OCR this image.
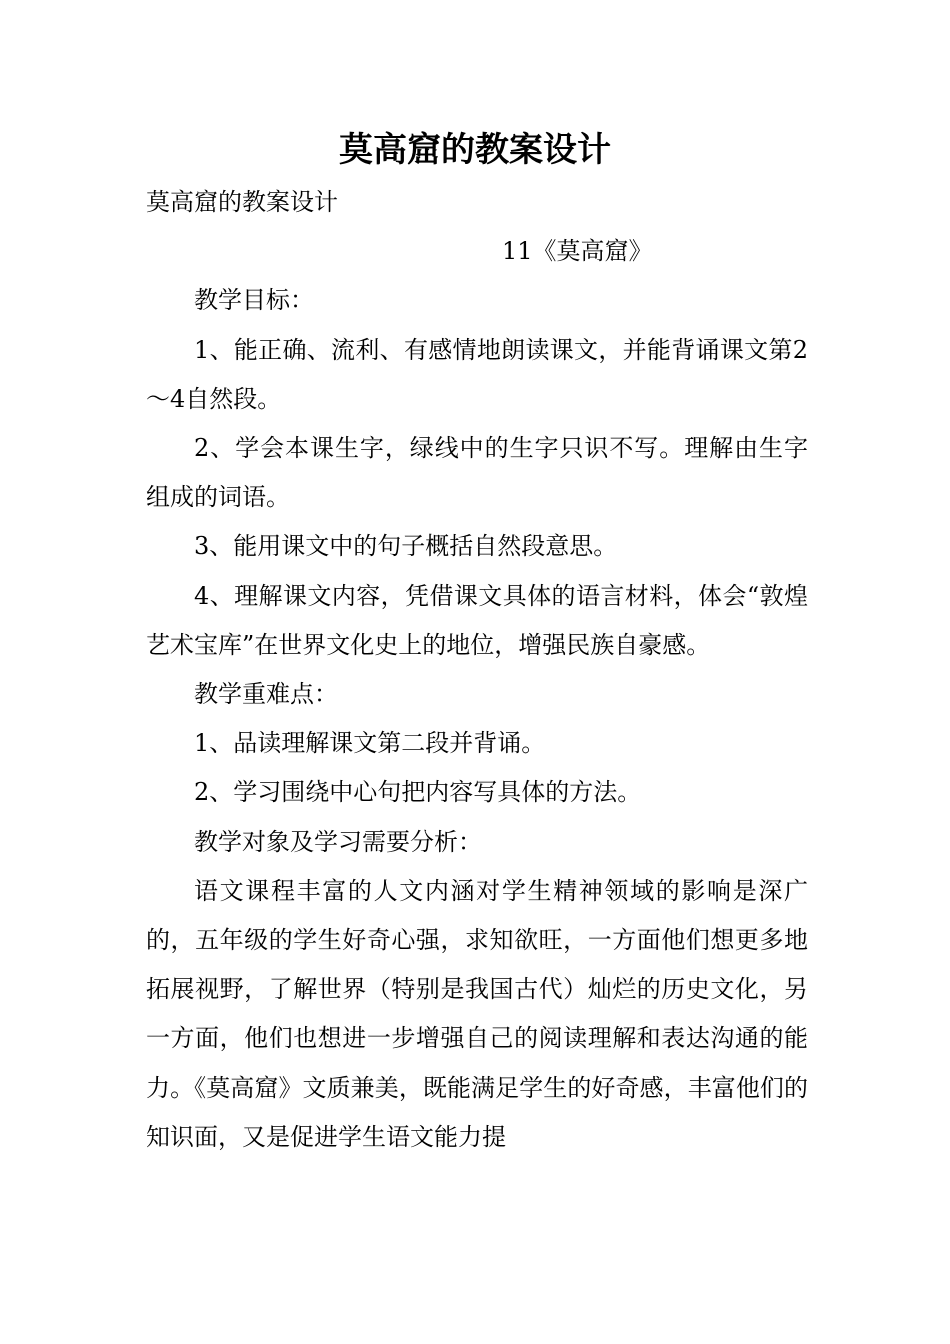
莫高窟的教案设计

莫高窟的教案设计

11《莫高窟》

教学目标：

1、能正确、流利、有感情地朗读课文，并能背诵课文第2～4自然段。

2、学会本课生字，绿线中的生字只识不写。理解由生字组成的词语。

3、能用课文中的句子概括自然段意思。

4、理解课文内容，凭借课文具体的语言材料，体会“敦煌艺术宝库”在世界文化史上的地位，增强民族自豪感。

教学重难点：

1、品读理解课文第二段并背诵。

2、学习围绕中心句把内容写具体的方法。

教学对象及学习需要分析：

语文课程丰富的人文内涵对学生精神领域的影响是深广的，五年级的学生好奇心强，求知欲旺，一方面他们想更多地拓展视野，了解世界（特别是我国古代）灿烂的历史文化，另一方面，他们也想进一步增强自己的阅读理解和表达沟通的能力。《莫高窟》文质兼美，既能满足学生的好奇感，丰富他们的知识面，又是促进学生语文能力提
